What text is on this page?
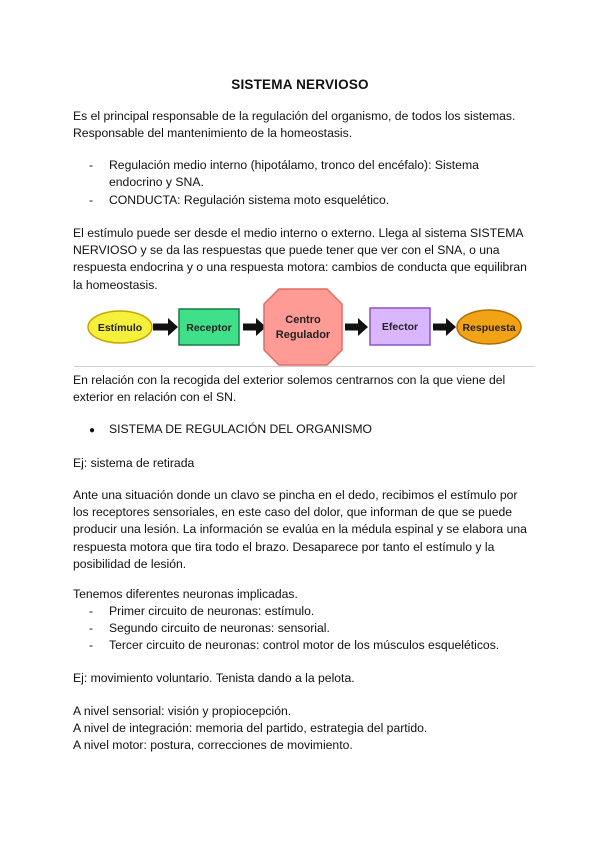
SISTEMA NERVIOSO

Es el principal responsable de la regulación del organismo, de todos los sistemas.
Responsable del mantenimiento de la homeostasis.

- Regulación medio interno (hipotálamo, tronco del encéfalo): Sistema
endocrino y SNA.
- CONDUCTA: Regulación sistema moto esquelético.

El estímulo puede ser desde el medio interno o externo. Llega al sistema SISTEMA
NERVIOSO y se da las respuestas que puede tener que ver con el SNA, o una
respuesta endocrina y o una respuesta motora: cambios de conducta que equilibran
la homeostasis.

Estímulo	Receptor
Centro
Regulador
Efector	Respuesta

En relación con la recogida del exterior solemos centrarnos con la que viene del
exterior en relación con el SN.

● SISTEMA DE REGULACIÓN DEL ORGANISMO

Ej: sistema de retirada

Ante una situación donde un clavo se pincha en el dedo, recibimos el estímulo por
los receptores sensoriales, en este caso del dolor, que informan de que se puede
producir una lesión. La información se evalúa en la médula espinal y se elabora una
respuesta motora que tira todo el brazo. Desaparece por tanto el estímulo y la
posibilidad de lesión.

Tenemos diferentes neuronas implicadas.

- Primer circuito de neuronas: estímulo.
- Segundo circuito de neuronas: sensorial.
- Tercer circuito de neuronas: control motor de los músculos esqueléticos.

Ej: movimiento voluntario. Tenista dando a la pelota.

A nivel sensorial: visión y propiocepción.
A nivel de integración: memoria del partido, estrategia del partido.
A nivel motor: postura, correcciones de movimiento.
